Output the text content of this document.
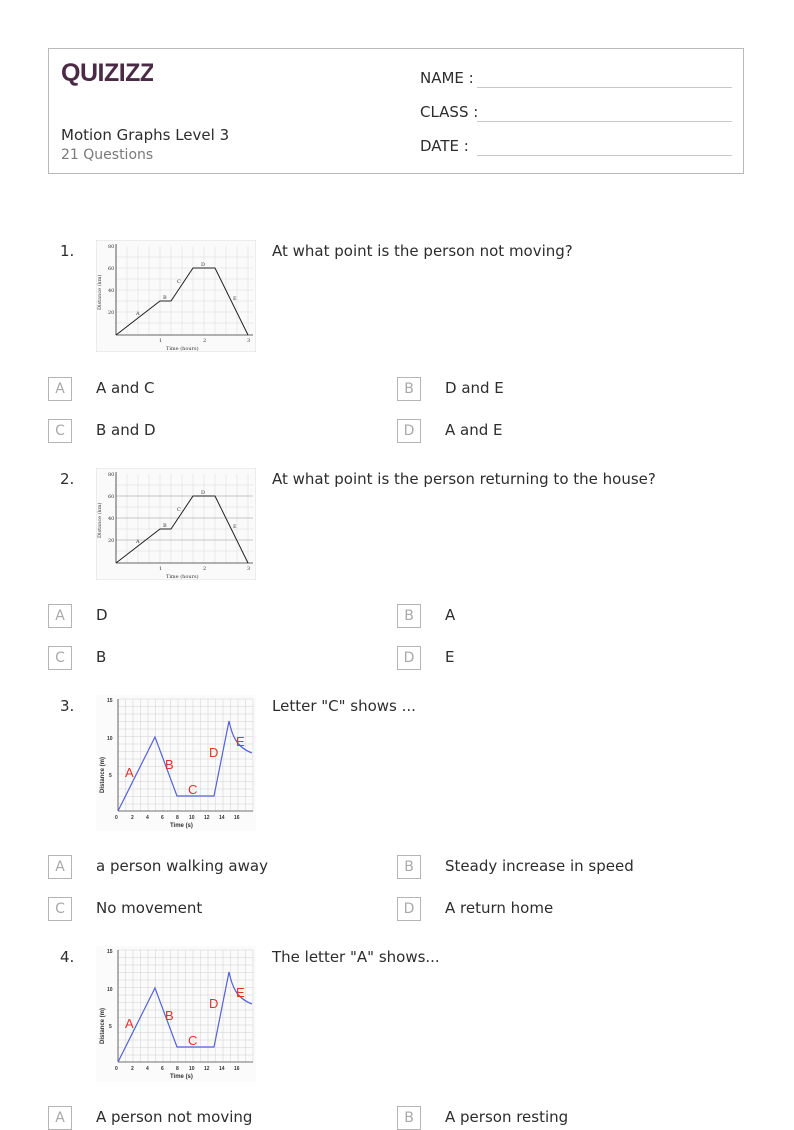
QUIZIZZ
Motion Graphs Level 3
21 Questions
NAME :
CLASS :
DATE :
1.	80
60
40
20
1	2	3
Time (hours)
Distance (km)
A
B
C
D
E
At what point is the person not moving?
A	A and C	B	D and E
C	B and D	D	A and E
2.	80
60
40
20
1	2	3
Time (hours)
Distance (km)
A
B
C
D
E
At what point is the person returning to the house?
A	D	B	A
C	B	D	E
3.	15
10
5
0	2 4 6 8 10 12 14 16
Time (s)
Distance (m) A
B
C
D
E
Letter "C" shows ...
A	a person walking away	B	Steady increase in speed
C	No movement	D	A return home
4.	15
10
5
0	2 4 6 8 10 12 14 16
Time (s)
Distance (m) A
B
C
D
E
The letter "A" shows...
A	A person not moving	B	A person resting
